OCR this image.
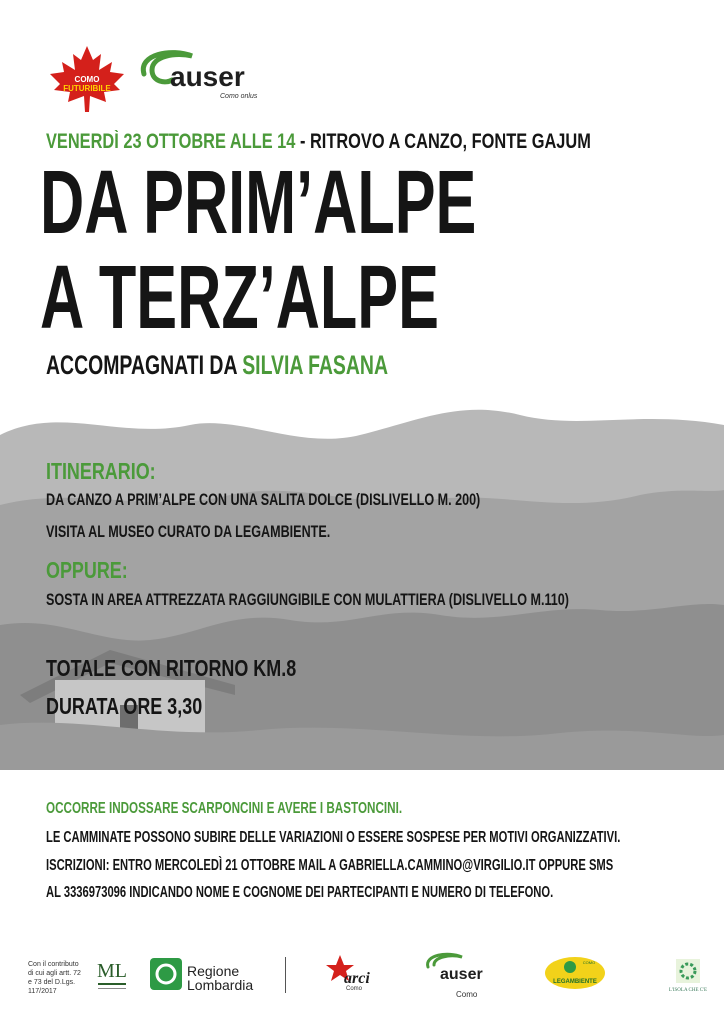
COMO
FUTURIBILE auser
Como onlus
VENERDÌ 23 OTTOBRE ALLE 14 - RITROVO A CANZO, FONTE GAJUM
DA PRIM’ALPE
A TERZ’ALPE
ACCOMPAGNATI DA SILVIA FASANA
ITINERARIO:
DA CANZO A PRIM’ALPE CON UNA SALITA DOLCE (DISLIVELLO M. 200)
VISITA AL MUSEO CURATO DA LEGAMBIENTE.
OPPURE:
SOSTA IN AREA ATTREZZATA RAGGIUNGIBILE CON MULATTIERA (DISLIVELLO M.110)
TOTALE CON RITORNO KM.8
DURATA ORE 3,30
OCCORRE INDOSSARE SCARPONCINI E AVERE I BASTONCINI.
LE CAMMINATE POSSONO SUBIRE DELLE VARIAZIONI O ESSERE SOSPESE PER MOTIVI ORGANIZZATIVI.
ISCRIZIONI: ENTRO MERCOLEDÌ 21 OTTOBRE MAIL A GABRIELLA.CAMMINO@VIRGILIO.IT OPPURE SMS
AL 3336973096 INDICANDO NOME E COGNOME DEI PARTECIPANTI E NUMERO DI TELEFONO.
Con il contributo di cui agli artt. 72 e 73 del D.Lgs. 117/2017
ML	arci	auser	LEGAMBIENTE
COMO
L'ISOLA CHE C'E
Regione
Lombardia	Como
Como
